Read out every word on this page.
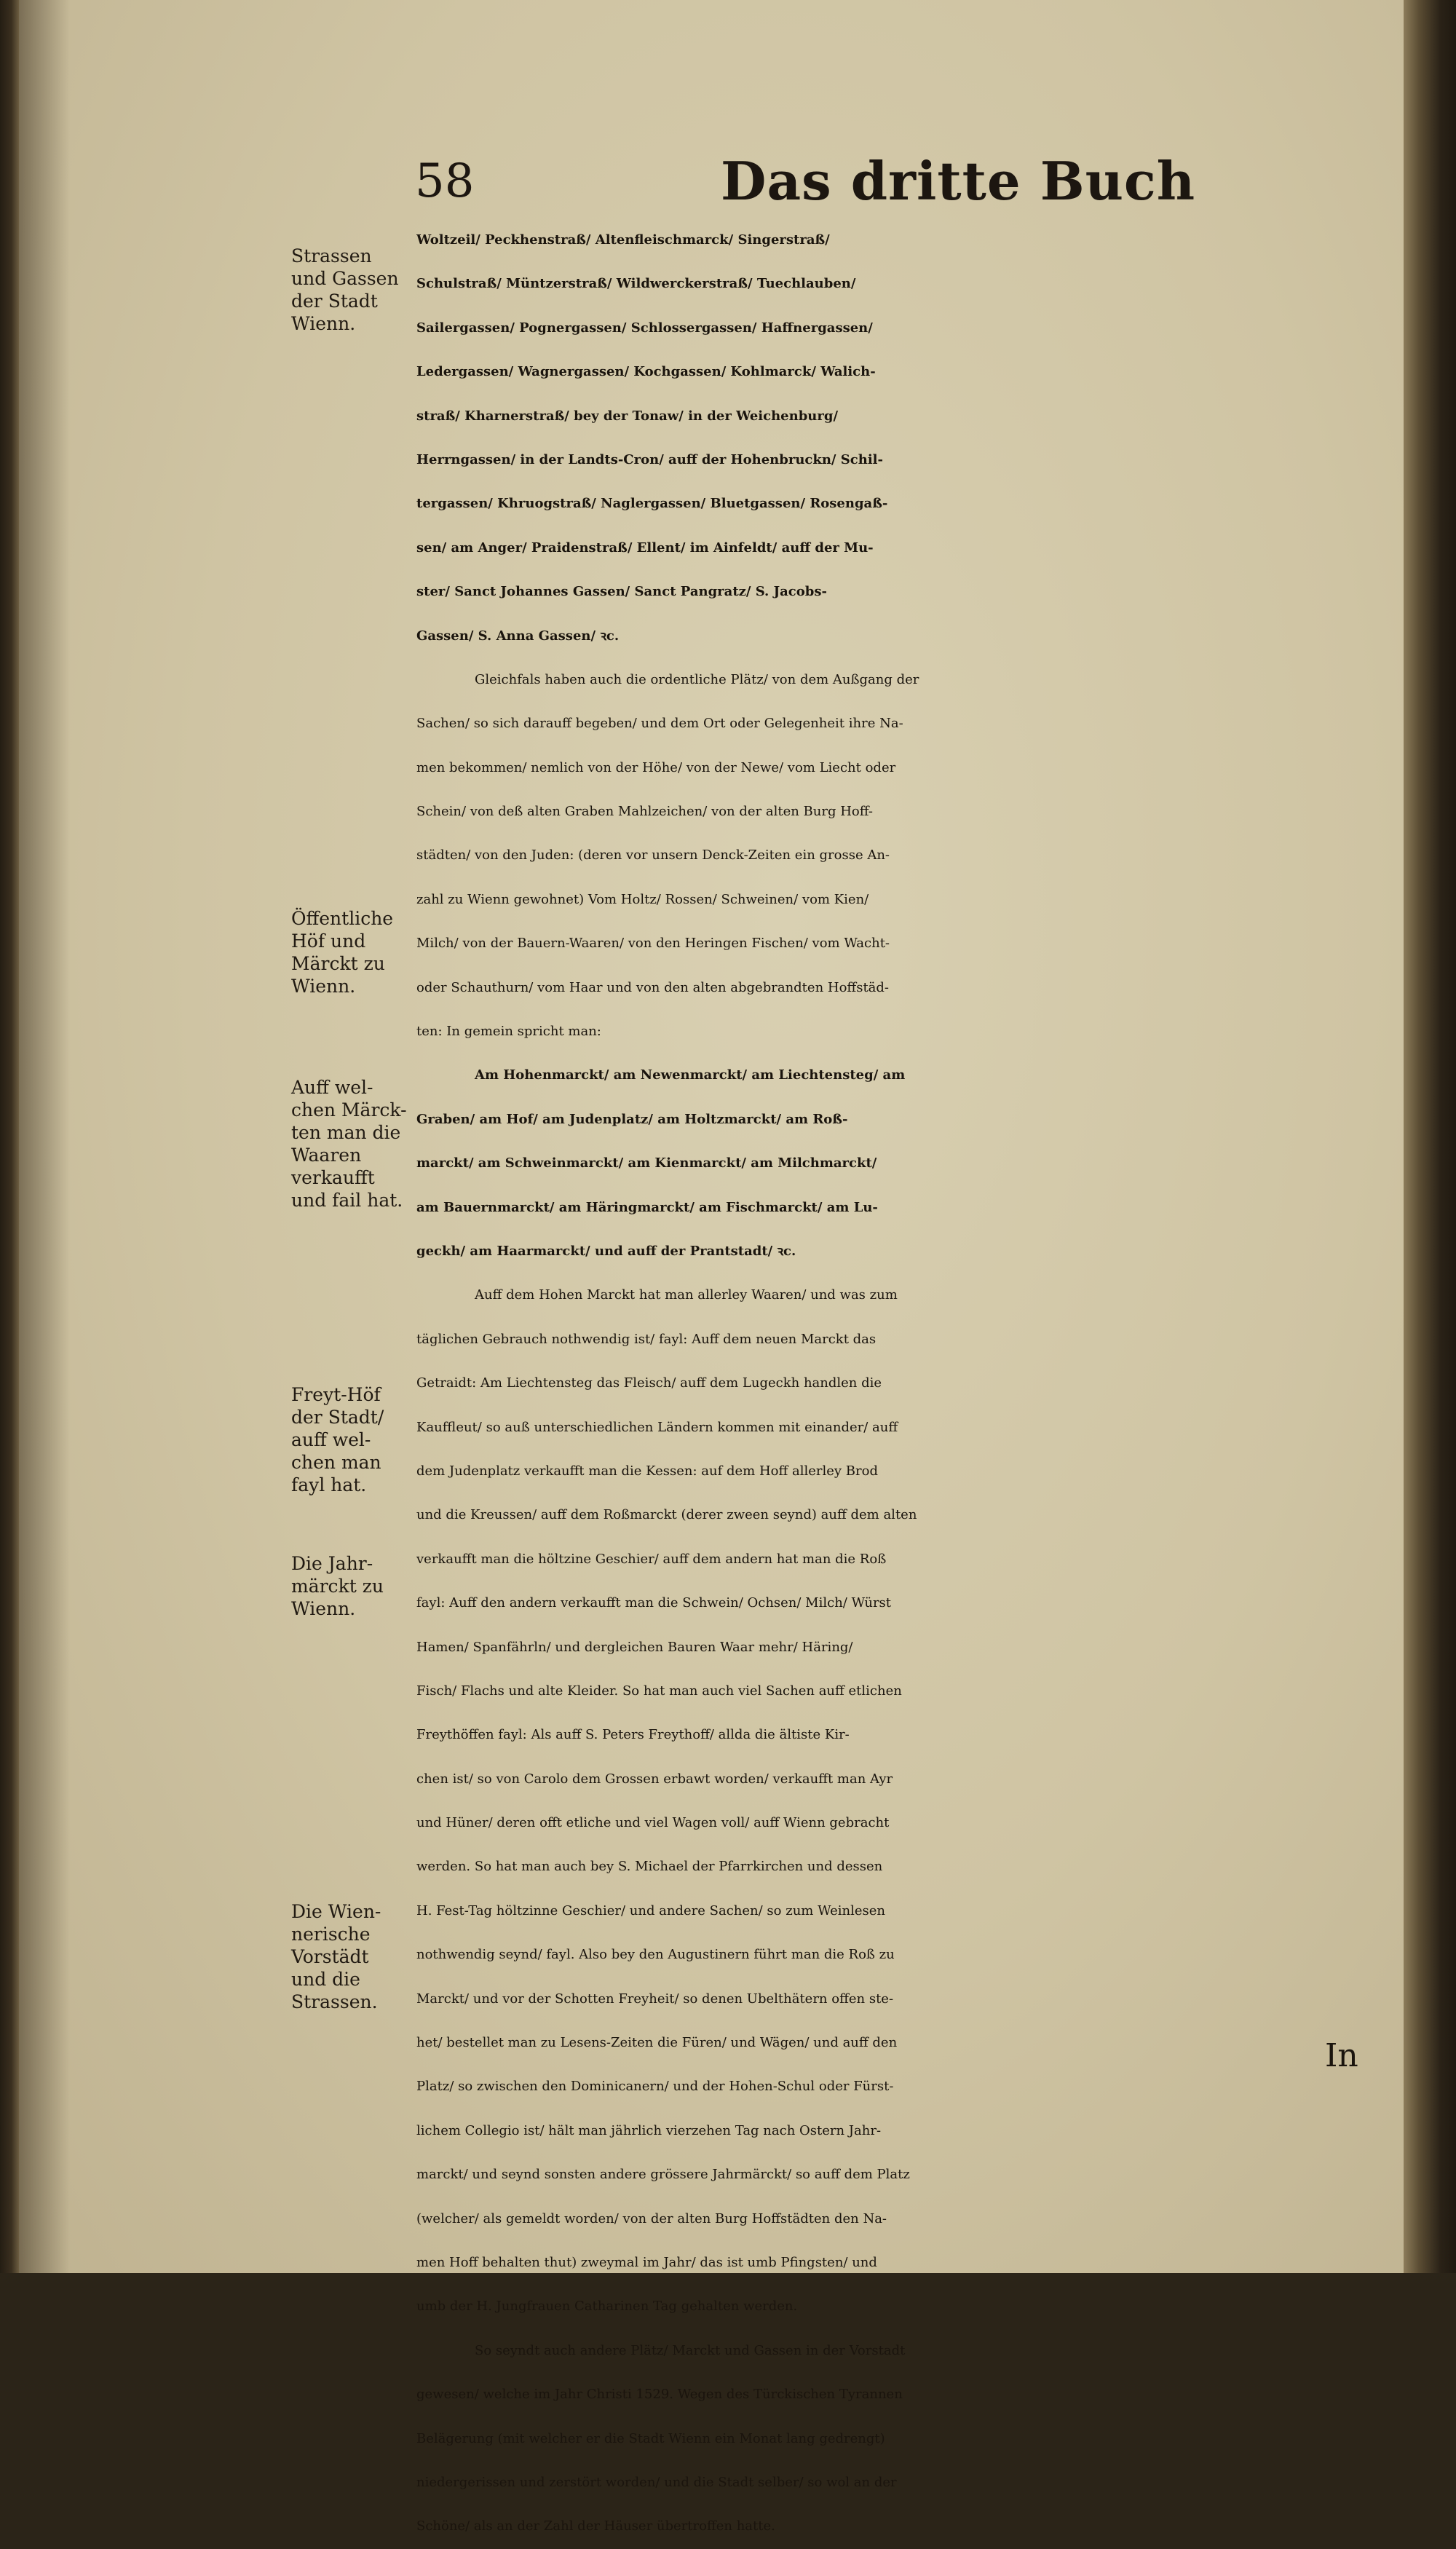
58	Das dritte Buch
Strassen
und Gassen
der Stadt
Wienn.
Öffentliche
Höf und
Märckt zu
Wienn.
Auff wel-
chen Märck-
ten man die
Waaren
verkaufft
und fail hat.
Freyt-Höf
der Stadt/
auff wel-
chen man
fayl hat.
Die Jahr-
märckt zu
Wienn.
Die Wien-
nerische
Vorstädt
und die
Strassen.
Woltzeil/ Peckhenstraß/ Altenfleischmarck/ Singerstraß/
Schulstraß/ Müntzerstraß/ Wildwerckerstraß/ Tuechlauben/
Sailergassen/ Pognergassen/ Schlossergassen/ Haffnergassen/
Ledergassen/ Wagnergassen/ Kochgassen/ Kohlmarck/ Walich-
straß/ Kharnerstraß/ bey der Tonaw/ in der Weichenburg/
Herrngassen/ in der Landts-Cron/ auff der Hohenbruckn/ Schil-
tergassen/ Khruogstraß/ Naglergassen/ Bluetgassen/ Rosengaß-
sen/ am Anger/ Praidenstraß/ Ellent/ im Ainfeldt/ auff der Mu-
ster/ Sanct Johannes Gassen/ Sanct Pangratz/ S. Jacobs-
Gassen/ S. Anna Gassen/ ꝛc.
Gleichfals haben auch die ordentliche Plätz/ von dem Außgang der
Sachen/ so sich darauff begeben/ und dem Ort oder Gelegenheit ihre Na-
men bekommen/ nemlich von der Höhe/ von der Newe/ vom Liecht oder
Schein/ von deß alten Graben Mahlzeichen/ von der alten Burg Hoff-
städten/ von den Juden: (deren vor unsern Denck-Zeiten ein grosse An-
zahl zu Wienn gewohnet) Vom Holtz/ Rossen/ Schweinen/ vom Kien/
Milch/ von der Bauern-Waaren/ von den Heringen Fischen/ vom Wacht-
oder Schauthurn/ vom Haar und von den alten abgebrandten Hoffstäd-
ten: In gemein spricht man:
Am Hohenmarckt/ am Newenmarckt/ am Liechtensteg/ am
Graben/ am Hof/ am Judenplatz/ am Holtzmarckt/ am Roß-
marckt/ am Schweinmarckt/ am Kienmarckt/ am Milchmarckt/
am Bauernmarckt/ am Häringmarckt/ am Fischmarckt/ am Lu-
geckh/ am Haarmarckt/ und auff der Prantstadt/ ꝛc.
Auff dem Hohen Marckt hat man allerley Waaren/ und was zum
täglichen Gebrauch nothwendig ist/ fayl: Auff dem neuen Marckt das
Getraidt: Am Liechtensteg das Fleisch/ auff dem Lugeckh handlen die
Kauffleut/ so auß unterschiedlichen Ländern kommen mit einander/ auff
dem Judenplatz verkaufft man die Kessen: auf dem Hoff allerley Brod
und die Kreussen/ auff dem Roßmarckt (derer zween seynd) auff dem alten
verkaufft man die höltzine Geschier/ auff dem andern hat man die Roß
fayl: Auff den andern verkaufft man die Schwein/ Ochsen/ Milch/ Würst
Hamen/ Spanfährln/ und dergleichen Bauren Waar mehr/ Häring/
Fisch/ Flachs und alte Kleider. So hat man auch viel Sachen auff etlichen
Freythöffen fayl: Als auff S. Peters Freythoff/ allda die ältiste Kir-
chen ist/ so von Carolo dem Grossen erbawt worden/ verkaufft man Ayr
und Hüner/ deren offt etliche und viel Wagen voll/ auff Wienn gebracht
werden. So hat man auch bey S. Michael der Pfarrkirchen und dessen
H. Fest-Tag höltzinne Geschier/ und andere Sachen/ so zum Weinlesen
nothwendig seynd/ fayl. Also bey den Augustinern führt man die Roß zu
Marckt/ und vor der Schotten Freyheit/ so denen Ubelthätern offen ste-
het/ bestellet man zu Lesens-Zeiten die Füren/ und Wägen/ und auff den
Platz/ so zwischen den Dominicanern/ und der Hohen-Schul oder Fürst-
lichem Collegio ist/ hält man jährlich vierzehen Tag nach Ostern Jahr-
marckt/ und seynd sonsten andere grössere Jahrmärckt/ so auff dem Platz
(welcher/ als gemeldt worden/ von der alten Burg Hoffstädten den Na-
men Hoff behalten thut) zweymal im Jahr/ das ist umb Pfingsten/ und
umb der H. Jungfrauen Catharinen Tag gehalten werden.
So seyndt auch andere Plätz/ Marckt und Gassen in der Vorstadt
gewesen/ welche im Jahr Christi 1529. Wegen des Türckischen Tyrannen
Belägerung (mit welcher er die Stadt Wienn ein Monat lang gedrengt)
niedergerissen und zerstört worden/ und die Stadt selber/ so wol an der
Schöne/ als an der Zahl der Häuser übertroffen hatte.
In
